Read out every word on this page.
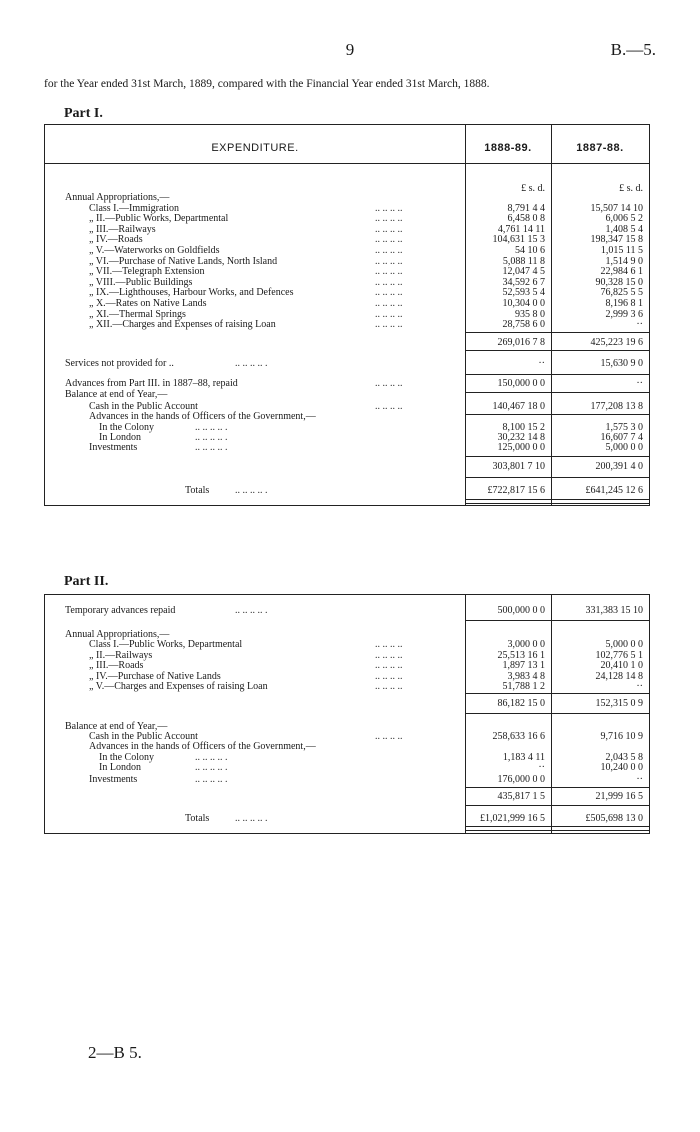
9	B.—5.
for the Year ended 31st March, 1889, compared with the Financial Year ended 31st March, 1888.
Part I.
EXPENDITURE.	1888-89.	1887-88.
£ s. d.	£ s. d.
Annual Appropriations,—
Class I.—Immigration	.. .. .. ..	8,791 4 4	15,507 14 10
„ II.—Public Works, Departmental	.. .. .. ..	6,458 0 8	6,006 5 2
„ III.—Railways	.. .. .. ..	4,761 14 11	1,408 5 4
„ IV.—Roads	.. .. .. ..	104,631 15 3	198,347 15 8
„ V.—Waterworks on Goldfields	.. .. .. ..	54 10 6	1,015 11 5
„ VI.—Purchase of Native Lands, North Island	.. .. .. ..	5,088 11 8	1,514 9 0
„ VII.—Telegraph Extension	.. .. .. ..	12,047 4 5	22,984 6 1
„ VIII.—Public Buildings	.. .. .. ..	34,592 6 7	90,328 15 0
„ IX.—Lighthouses, Harbour Works, and Defences	.. .. .. ..	52,593 5 4	76,825 5 5
„ X.—Rates on Native Lands	.. .. .. ..	10,304 0 0	8,196 8 1
„ XI.—Thermal Springs	.. .. .. ..	935 8 0	2,999 3 6
„ XII.—Charges and Expenses of raising Loan	.. .. .. ..	28,758 6 0	··
269,016 7 8	425,223 19 6
Services not provided for ..	.. .. .. .. .	··	15,630 9 0
Advances from Part III. in 1887–88, repaid	.. .. .. ..	150,000 0 0	··
Balance at end of Year,—
Cash in the Public Account	.. .. .. ..	140,467 18 0	177,208 13 8
Advances in the hands of Officers of the Government,—
In the Colony	.. .. .. .. .	8,100 15 2	1,575 3 0
In London	.. .. .. .. .	30,232 14 8	16,607 7 4
Investments	.. .. .. .. .	125,000 0 0	5,000 0 0
303,801 7 10	200,391 4 0
Totals	.. .. .. .. .	£722,817 15 6	£641,245 12 6
Part II.
Temporary advances repaid	.. .. .. .. .	500,000 0 0	331,383 15 10
Annual Appropriations,—
Class I.—Public Works, Departmental	.. .. .. ..	3,000 0 0	5,000 0 0
„ II.—Railways	.. .. .. ..	25,513 16 1	102,776 5 1
„ III.—Roads	.. .. .. ..	1,897 13 1	20,410 1 0
„ IV.—Purchase of Native Lands	.. .. .. ..	3,983 4 8	24,128 14 8
„ V.—Charges and Expenses of raising Loan	.. .. .. ..	51,788 1 2	··
86,182 15 0	152,315 0 9
Balance at end of Year,—
Cash in the Public Account	.. .. .. ..	258,633 16 6	9,716 10 9
Advances in the hands of Officers of the Government,—
In the Colony	.. .. .. .. .	1,183 4 11	2,043 5 8
In London	.. .. .. .. .	··	10,240 0 0
Investments	.. .. .. .. .	176,000 0 0	··
435,817 1 5	21,999 16 5
Totals	.. .. .. .. .	£1,021,999 16 5	£505,698 13 0
2—B 5.
